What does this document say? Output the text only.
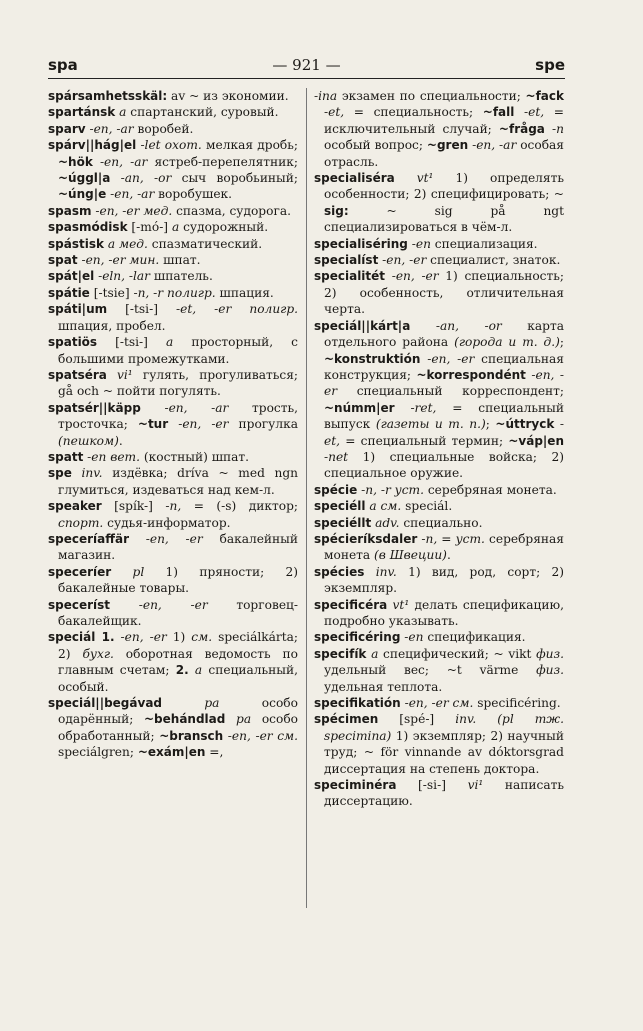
spa	— 921 —	spe

spársamhetsskäl: av ~ из экономии.

spartánsk a спартанский, суровый.

sparv -en, -ar воробей.

spárv||hág|el -let охот. мелкая дробь; ~hök -en, -ar ястреб-перепелятник; ~úggl|a -an, -or сыч воробьиный; ~úng|e -en, -ar воробушек.

spasm -en, -er мед. спазма, судорога.

spasmódisk [-mó-] a судорожный.

spástisk a мед. спазматический.

spat -en, -er мин. шпат.

spát|el -eln, -lar шпатель.

spátie [-tsie] -n, -r полигр. шпация.

spáti|um [-tsi-] -et, -er полигр. шпация, пробел.

spatiös [-tsi-] a просторный, с большими промежутками.

spatséra vi¹ гулять, прогуливаться; gå och ~ пойти погулять.

spatsér||käpp -en, -ar трость, тросточка; ~tur -en, -er прогулка (пешком).

spatt -en вет. (костный) шпат.

spe inv. издёвка; dríva ~ med ngn глумиться, издеваться над кем-л.

speaker [spík-] -n, = (-s) диктор; спорт. судья-информатор.

speceríaffär -en, -er бакалейный магазин.

speceríer pl 1) пряности; 2) бакалейные товары.

speceríst -en, -er торговец-бакалейщик.

speciál 1. -en, -er 1) см. speciálkárta; 2) бухг. оборотная ведомость по главным счетам; 2. a специальный, особый.

speciál||begávad pa особо одарённый; ~behándlad pa особо обработанный; ~bransch -en, -er см. speciálgren; ~exám|en =,

-ina экзамен по специальности; ~fack -et, = специальность; ~fall -et, = исключительный случай; ~fråga -n особый вопрос; ~gren -en, -ar особая отрасль.

specialiséra vt¹ 1) определять особенности; 2) специфицировать; ~ sig: ~ sig på ngt специализироваться в чём-л.

specialiséring -en специализация.

specialíst -en, -er специалист, знаток.

specialitét -en, -er 1) специальность; 2) особенность, отличительная черта.

speciál||kárt|a -an, -or карта отдельного района (города и т. д.); ~konstruktión -en, -er специальная конструкция; ~korrespondént -en, -er специальный корреспондент; ~númm|er -ret, = специальный выпуск (газеты и т. п.); ~úttryck -et, = специальный термин; ~váp|en -net 1) специальные войска; 2) специальное оружие.

spécie -n, -r уст. серебряная монета.

speciéll a см. speciál.

speciéllt adv. специально.

spécieríksdaler -n, = уст. серебряная монета (в Швеции).

spécies inv. 1) вид, род, сорт; 2) экземпляр.

specificéra vt¹ делать спецификацию, подробно указывать.

specificéring -en спецификация.

specifík a специфический; ~ vikt физ. удельный вес; ~t värme физ. удельная теплота.

specifikatión -en, -er см. specificéring.

spécimen [spé-] inv. (pl тж. specimina) 1) экземпляр; 2) научный труд; ~ för vinnande av dóktorsgrad диссертация на степень доктора.

speciminéra [-si-] vi¹ написать диссертацию.
